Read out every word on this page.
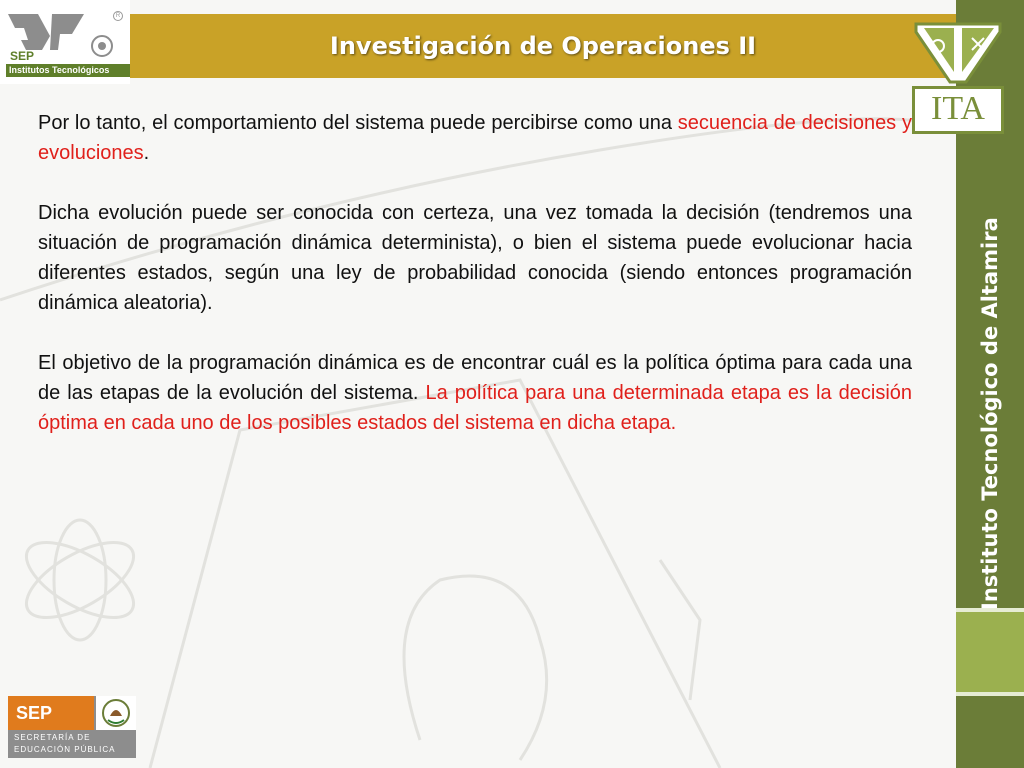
Investigación de Operaciones II
SEP
R
Institutos Tecnológicos
Instituto Tecnológico de Altamira
ITA

Por lo tanto, el comportamiento del sistema puede percibirse como una secuencia de decisiones y evoluciones.

Dicha evolución puede ser conocida con certeza, una vez tomada la decisión (tendremos una situación de programación dinámica determinista), o bien el sistema puede evolucionar hacia diferentes estados, según una ley de probabilidad conocida (siendo entonces programación dinámica aleatoria).

El objetivo de la programación dinámica es de encontrar cuál es la política óptima para cada una de las etapas de la evolución del sistema. La política para una determinada etapa es la decisión óptima en cada uno de los posibles estados del sistema en dicha etapa.

SEP
SECRETARÍA DE
EDUCACIÓN PÚBLICA
